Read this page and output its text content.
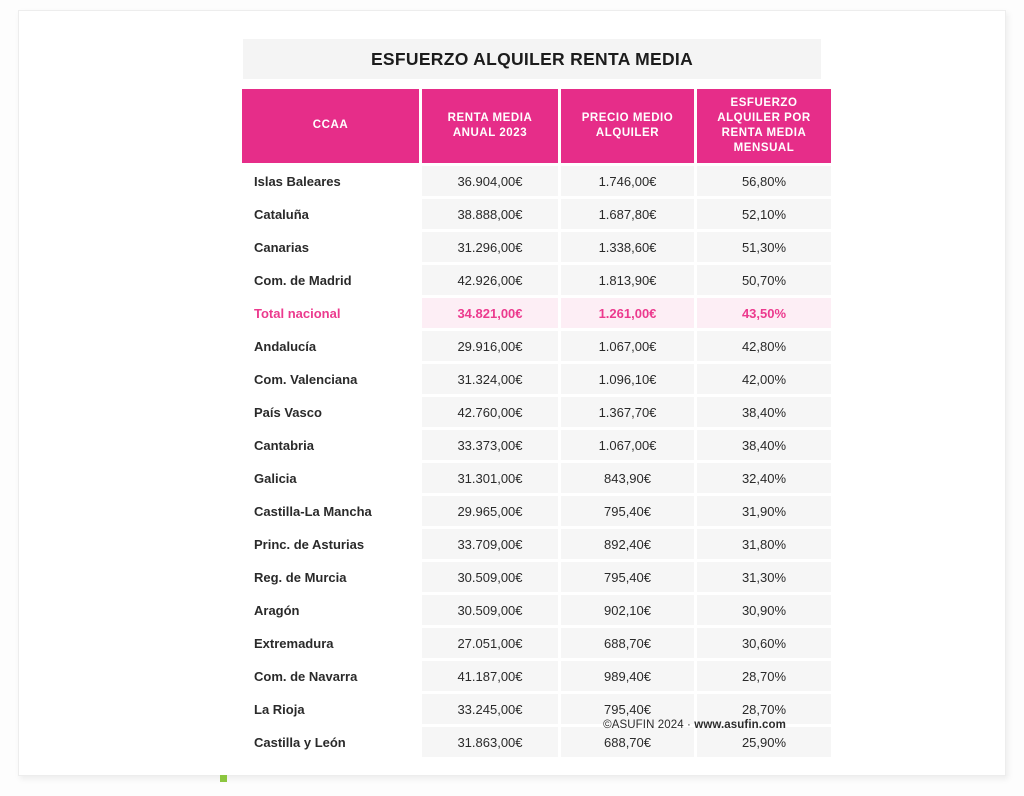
ESFUERZO ALQUILER RENTA MEDIA
CCAA	RENTA MEDIA ANUAL 2023	PRECIO MEDIO ALQUILER	ESFUERZO ALQUILER POR RENTA MEDIA MENSUAL
Islas Baleares	36.904,00€	1.746,00€	56,80%
Cataluña	38.888,00€	1.687,80€	52,10%
Canarias	31.296,00€	1.338,60€	51,30%
Com. de Madrid	42.926,00€	1.813,90€	50,70%
Total nacional	34.821,00€	1.261,00€	43,50%
Andalucía	29.916,00€	1.067,00€	42,80%
Com. Valenciana	31.324,00€	1.096,10€	42,00%
País Vasco	42.760,00€	1.367,70€	38,40%
Cantabria	33.373,00€	1.067,00€	38,40%
Galicia	31.301,00€	843,90€	32,40%
Castilla-La Mancha	29.965,00€	795,40€	31,90%
Princ. de Asturias	33.709,00€	892,40€	31,80%
Reg. de Murcia	30.509,00€	795,40€	31,30%
Aragón	30.509,00€	902,10€	30,90%
Extremadura	27.051,00€	688,70€	30,60%
Com. de Navarra	41.187,00€	989,40€	28,70%
La Rioja	33.245,00€	795,40€	28,70%
Castilla y León	31.863,00€	688,70€	25,90%
©ASUFIN 2024 · www.asufin.com
